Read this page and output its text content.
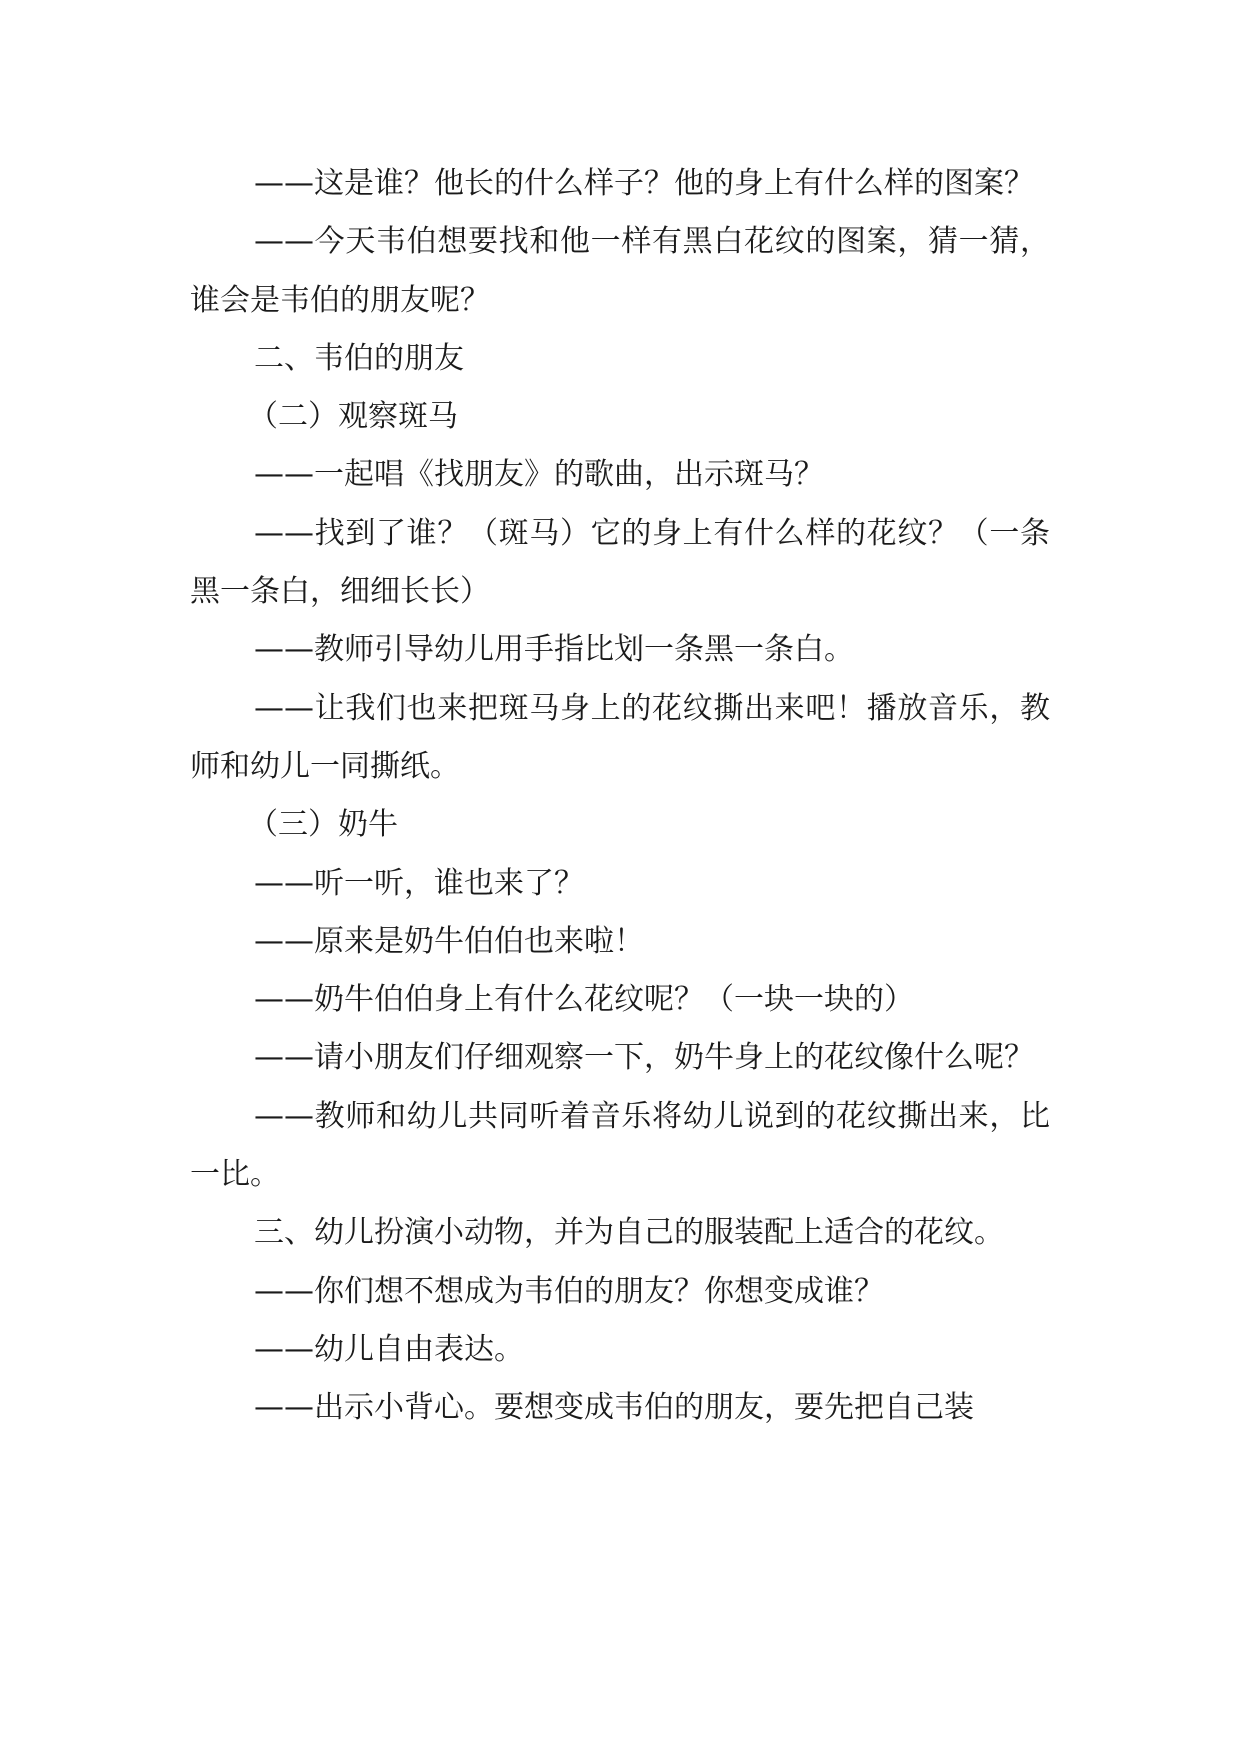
——这是谁？他长的什么样子？他的身上有什么样的图案？

——今天韦伯想要找和他一样有黑白花纹的图案，猜一猜，谁会是韦伯的朋友呢？

二、韦伯的朋友

（二）观察斑马

——一起唱《找朋友》的歌曲，出示斑马？

——找到了谁？（斑马）它的身上有什么样的花纹？（一条黑一条白，细细长长）

——教师引导幼儿用手指比划一条黑一条白。

——让我们也来把斑马身上的花纹撕出来吧！播放音乐，教师和幼儿一同撕纸。

（三）奶牛

——听一听，谁也来了？

——原来是奶牛伯伯也来啦！

——奶牛伯伯身上有什么花纹呢？（一块一块的）

——请小朋友们仔细观察一下，奶牛身上的花纹像什么呢？

——教师和幼儿共同听着音乐将幼儿说到的花纹撕出来，比一比。

三、幼儿扮演小动物，并为自己的服装配上适合的花纹。

——你们想不想成为韦伯的朋友？你想变成谁？

——幼儿自由表达。

——出示小背心。要想变成韦伯的朋友，要先把自己装
